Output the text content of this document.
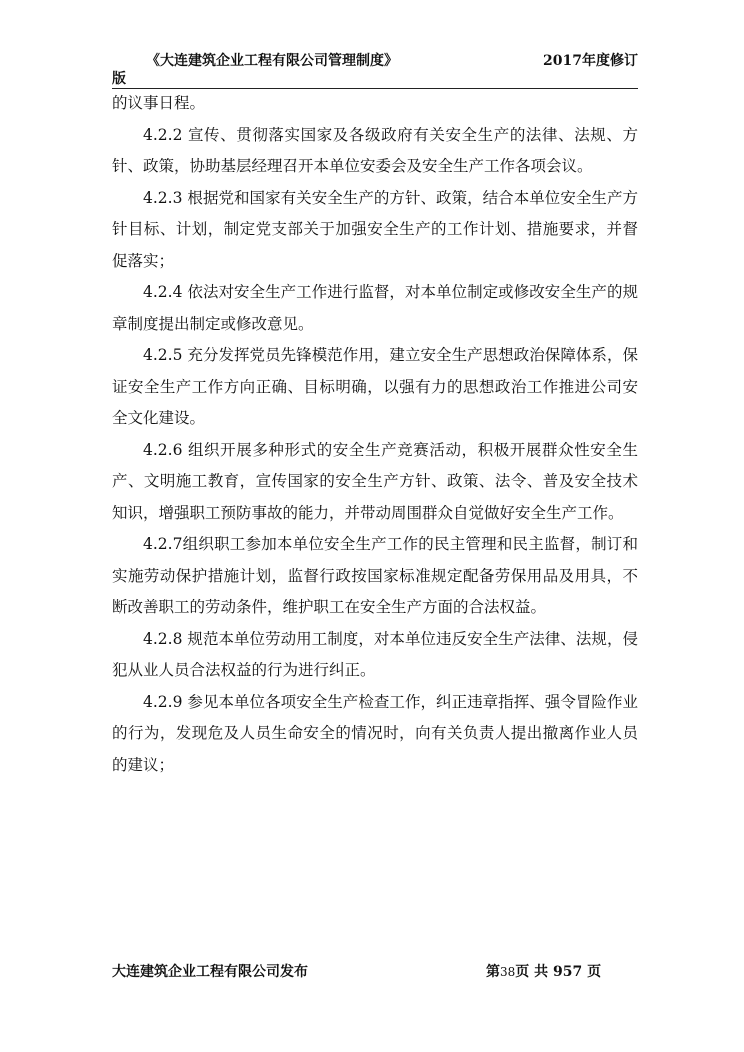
《大连建筑企业工程有限公司管理制度》	2017年度修订
版

的议事日程。

4.2.2 宣传、贯彻落实国家及各级政府有关安全生产的法律、法规、方针、政策，协助基层经理召开本单位安委会及安全生产工作各项会议。

4.2.3 根据党和国家有关安全生产的方针、政策，结合本单位安全生产方针目标、计划，制定党支部关于加强安全生产的工作计划、措施要求，并督促落实；

4.2.4 依法对安全生产工作进行监督，对本单位制定或修改安全生产的规章制度提出制定或修改意见。

4.2.5 充分发挥党员先锋模范作用，建立安全生产思想政治保障体系，保证安全生产工作方向正确、目标明确，以强有力的思想政治工作推进公司安全文化建设。

4.2.6 组织开展多种形式的安全生产竞赛活动，积极开展群众性安全生产、文明施工教育，宣传国家的安全生产方针、政策、法令、普及安全技术知识，增强职工预防事故的能力，并带动周围群众自觉做好安全生产工作。

4.2.7组织职工参加本单位安全生产工作的民主管理和民主监督，制订和实施劳动保护措施计划，监督行政按国家标准规定配备劳保用品及用具，不断改善职工的劳动条件，维护职工在安全生产方面的合法权益。

4.2.8 规范本单位劳动用工制度，对本单位违反安全生产法律、法规，侵犯从业人员合法权益的行为进行纠正。

4.2.9 参见本单位各项安全生产检查工作，纠正违章指挥、强令冒险作业的行为，发现危及人员生命安全的情况时，向有关负责人提出撤离作业人员的建议；

大连建筑企业工程有限公司发布	第38页 共 957 页
